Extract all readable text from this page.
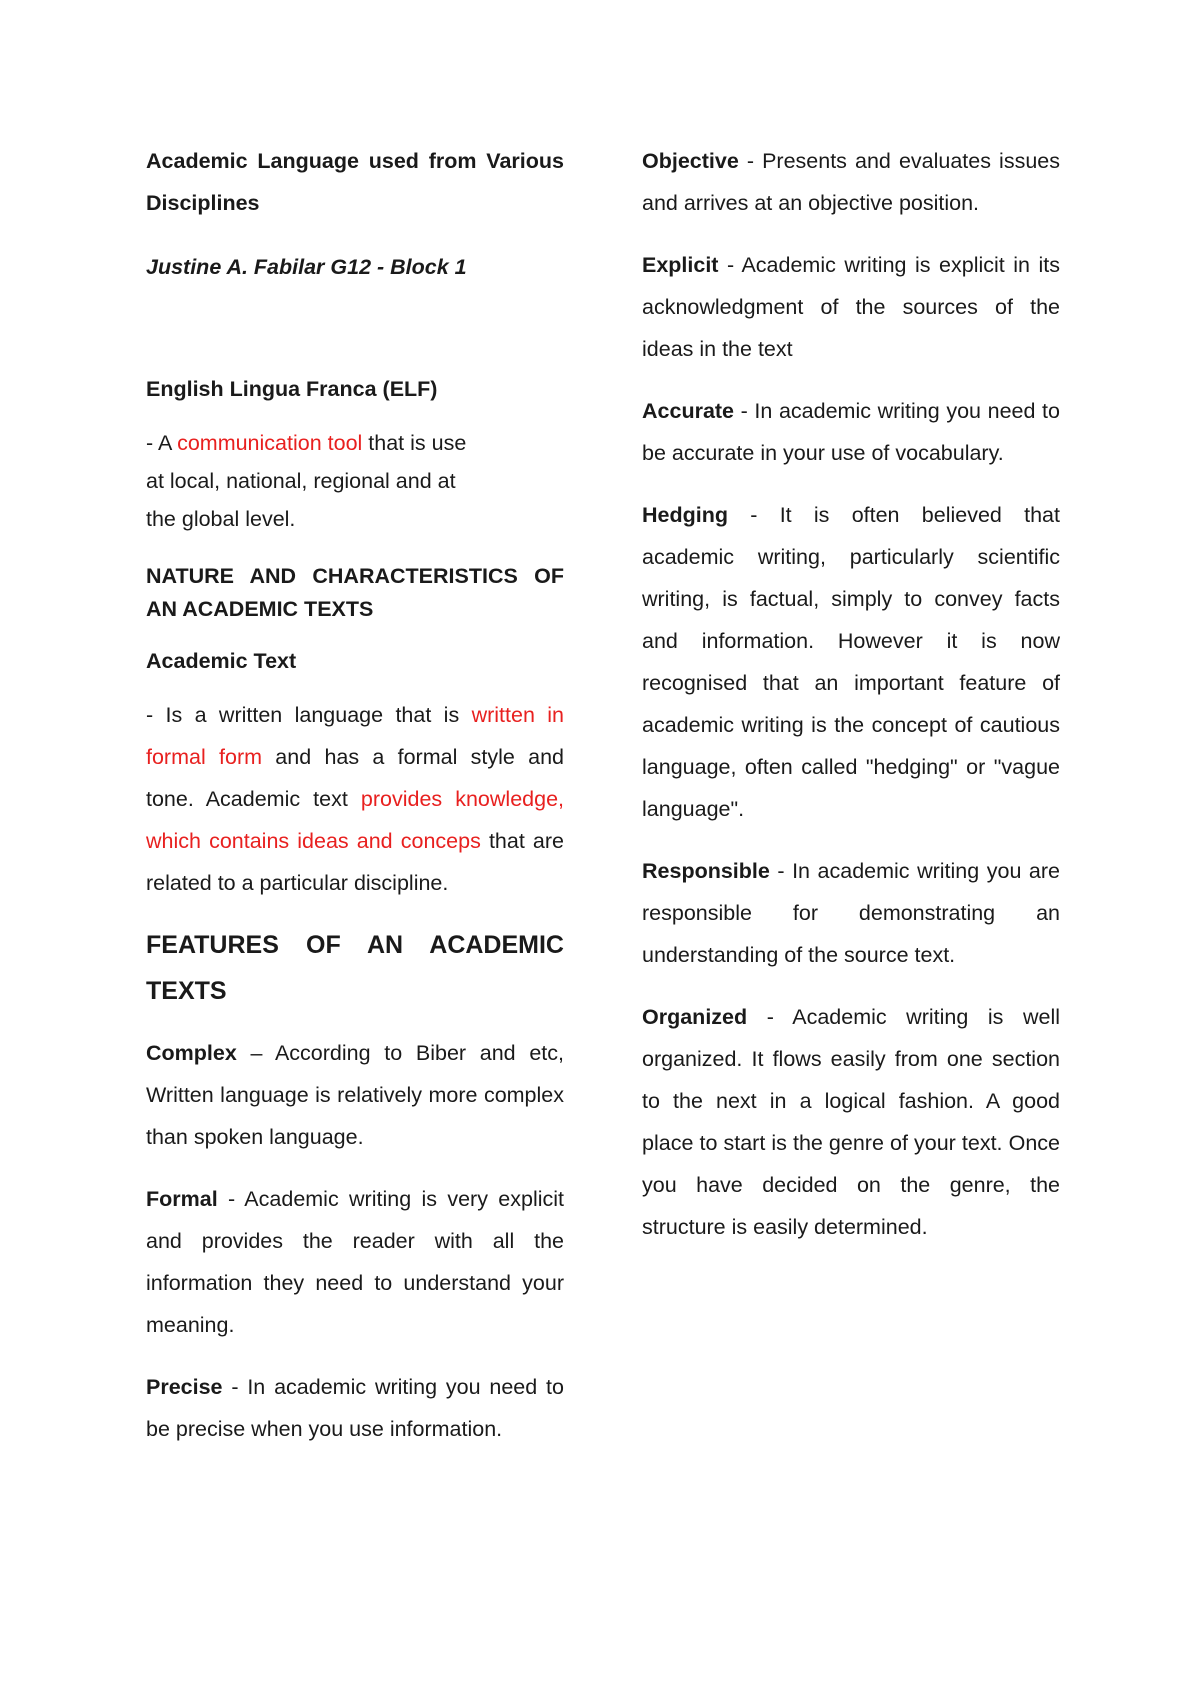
Academic Language used from Various Disciplines

Justine A. Fabilar G12 - Block 1

English Lingua Franca (ELF)

- A communication tool that is use
at local, national, regional and at
the global level.

NATURE AND CHARACTERISTICS OF AN ACADEMIC TEXTS

Academic Text

- Is a written language that is written in formal form and has a formal style and tone. Academic text provides knowledge, which contains ideas and conceps that are related to a particular discipline.

FEATURES OF AN ACADEMIC TEXTS

Complex – According to Biber and etc, Written language is relatively more complex than spoken language.

Formal - Academic writing is very explicit and provides the reader with all the information they need to understand your meaning.

Precise - In academic writing you need to be precise when you use information.

Objective - Presents and evaluates issues and arrives at an objective position.

Explicit - Academic writing is explicit in its acknowledgment of the sources of the ideas in the text

Accurate - In academic writing you need to be accurate in your use of vocabulary.

Hedging - It is often believed that academic writing, particularly scientific writing, is factual, simply to convey facts and information. However it is now recognised that an important feature of academic writing is the concept of cautious language, often called "hedging" or "vague language".

Responsible - In academic writing you are responsible for demonstrating an understanding of the source text.

Organized - Academic writing is well organized. It flows easily from one section to the next in a logical fashion. A good place to start is the genre of your text. Once you have decided on the genre, the structure is easily determined.
